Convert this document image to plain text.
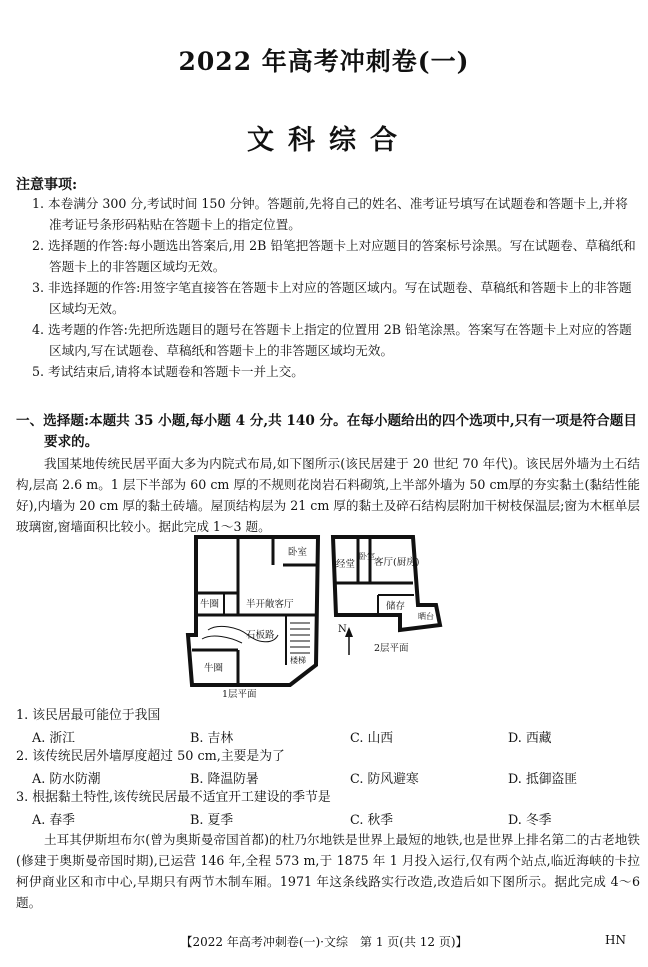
2022 年高考冲刺卷(一)
文科综合
注意事项:
1. 本卷满分 300 分,考试时间 150 分钟。答题前,先将自己的姓名、准考证号填写在试题卷和答题卡上,并将准考证号条形码粘贴在答题卡上的指定位置。
2. 选择题的作答:每小题选出答案后,用 2B 铅笔把答题卡上对应题目的答案标号涂黑。写在试题卷、草稿纸和答题卡上的非答题区域均无效。
3. 非选择题的作答:用签字笔直接答在答题卡上对应的答题区域内。写在试题卷、草稿纸和答题卡上的非答题区域均无效。
4. 选考题的作答:先把所选题目的题号在答题卡上指定的位置用 2B 铅笔涂黑。答案写在答题卡上对应的答题区域内,写在试题卷、草稿纸和答题卡上的非答题区域均无效。
5. 考试结束后,请将本试题卷和答题卡一并上交。
一、选择题:本题共 35 小题,每小题 4 分,共 140 分。在每小题给出的四个选项中,只有一项是符合题目要求的。
我国某地传统民居平面大多为内院式布局,如下图所示(该民居建于 20 世纪 70 年代)。该民居外墙为土石结构,层高 2.6 m。1 层下半部为 60 cm 厚的不规则花岗岩石料砌筑,上半部外墙为 50 cm厚的夯实黏土(黏结性能好),内墙为 20 cm 厚的黏土砖墙。屋顶结构层为 21 cm 厚的黏土及碎石结构层附加干树枝保温层;窗为木框单层玻璃窗,窗墙面积比较小。据此完成 1～3 题。
N
卧室
牛圈	半开敞客厅
石板路
楼梯
牛圈
1层平面
经堂
卧室
客厅(厨房)
储存
晒台
2层平面
1. 该民居最可能位于我国
A. 浙江	B. 吉林	C. 山西	D. 西藏
2. 该传统民居外墙厚度超过 50 cm,主要是为了
A. 防水防潮	B. 降温防暑	C. 防风避寒	D. 抵御盗匪
3. 根据黏土特性,该传统民居最不适宜开工建设的季节是
A. 春季	B. 夏季	C. 秋季	D. 冬季
土耳其伊斯坦布尔(曾为奥斯曼帝国首都)的杜乃尔地铁是世界上最短的地铁,也是世界上排名第二的古老地铁(修建于奥斯曼帝国时期),已运营 146 年,全程 573 m,于 1875 年 1 月投入运行,仅有两个站点,临近海峡的卡拉柯伊商业区和市中心,早期只有两节木制车厢。1971 年这条线路实行改造,改造后如下图所示。据此完成 4～6 题。
【2022 年高考冲刺卷(一)·文综　第 1 页(共 12 页)】	HN
